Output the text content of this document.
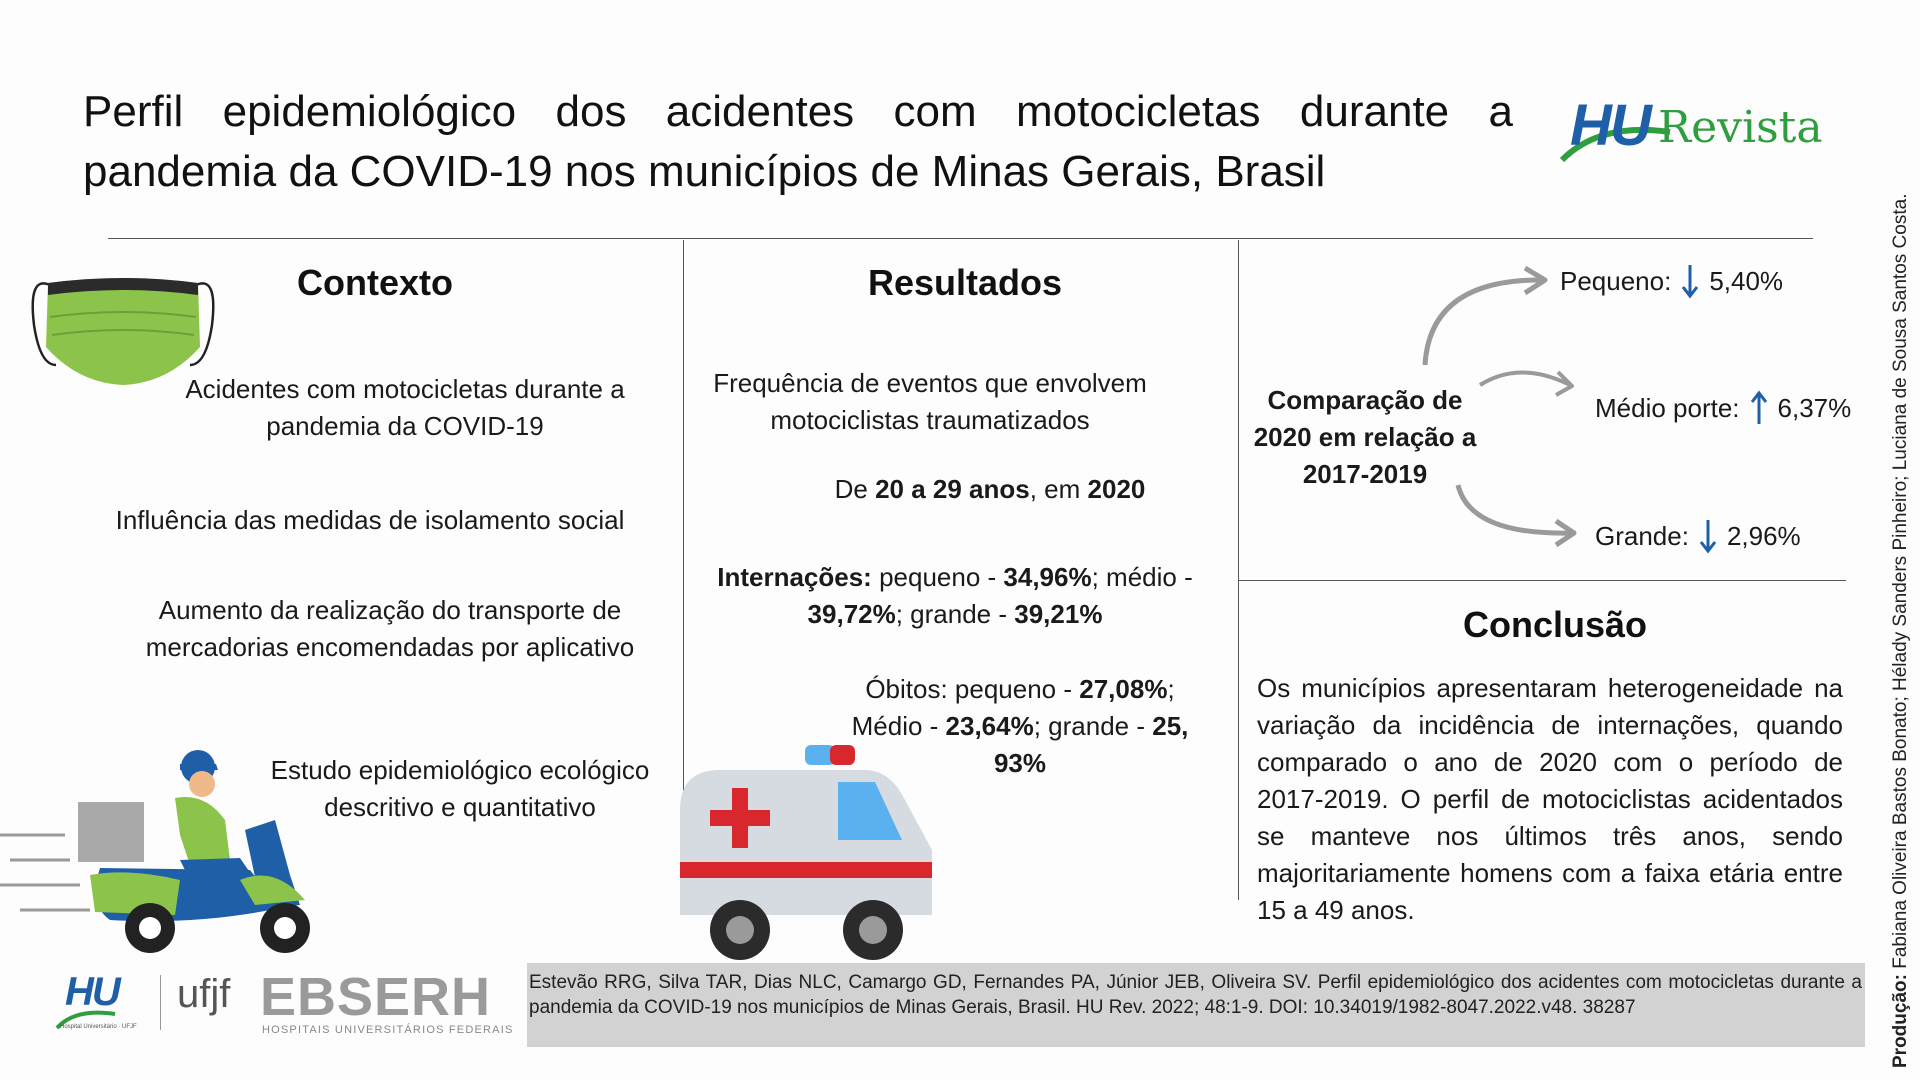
Perfil epidemiológico dos acidentes com motocicletas durante a pandemia da COVID-19 nos municípios de Minas Gerais, Brasil
HU Revista
Contexto
Acidentes com motocicletas durante a pandemia da COVID-19
Influência das medidas de isolamento social
Aumento da realização do transporte de mercadorias encomendadas por aplicativo
Estudo epidemiológico ecológico descritivo e quantitativo
Resultados
Frequência de eventos que envolvem motociclistas traumatizados
De 20 a 29 anos, em 2020
Internações: pequeno - 34,96%; médio - 39,72%; grande - 39,21%
Óbitos: pequeno - 27,08%; Médio - 23,64%; grande - 25, 93%
Comparação de 2020 em relação a 2017-2019
Pequeno: 5,40%
Médio porte: 6,37%
Grande: 2,96%
Conclusão
Os municípios apresentaram heterogeneidade na variação da incidência de internações, quando comparado o ano de 2020 com o período de 2017-2019. O perfil de motociclistas acidentados se manteve nos últimos três anos, sendo majoritariamente homens com a faixa etária entre 15 a 49 anos.
HU
Hospital Universitário · UFJF
ufjf EBSERH
HOSPITAIS UNIVERSITÁRIOS FEDERAIS
Estevão RRG, Silva TAR, Dias NLC, Camargo GD, Fernandes PA, Júnior JEB, Oliveira SV. Perfil epidemiológico dos acidentes com motocicletas durante a pandemia da COVID-19 nos municípios de Minas Gerais, Brasil. HU Rev. 2022; 48:1-9. DOI: 10.34019/1982-8047.2022.v48. 38287	Produção: Fabiana Oliveira Bastos Bonato; Hélady Sanders Pinheiro; Luciana de Sousa Santos Costa.
